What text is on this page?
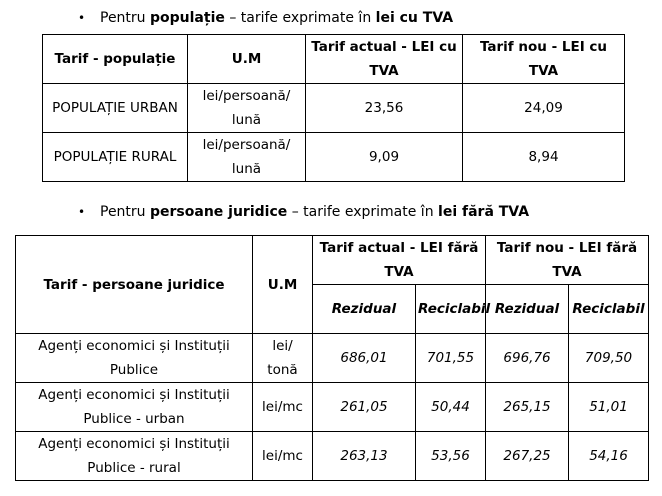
• Pentru populație – tarife exprimate în lei cu TVA
Tarif - populație	U.M	Tarif actual - LEI cu TVA	Tarif nou - LEI cu TVA
POPULAȚIE URBAN	lei/persoană/ lună	23,56	24,09
POPULAȚIE RURAL	lei/persoană/ lună	9,09	8,94
• Pentru persoane juridice – tarife exprimate în lei fără TVA
Tarif - persoane juridice	U.M	Tarif actual - LEI fără TVA		Tarif nou - LEI fără TVA	
		Rezidual	Reciclabil	Rezidual	Reciclabil
Agenți economici și Instituții Publice	lei/ tonă	686,01	701,55	696,76	709,50
Agenți economici și Instituții Publice - urban	lei/mc	261,05	50,44	265,15	51,01
Agenți economici și Instituții Publice - rural	lei/mc	263,13	53,56	267,25	54,16
